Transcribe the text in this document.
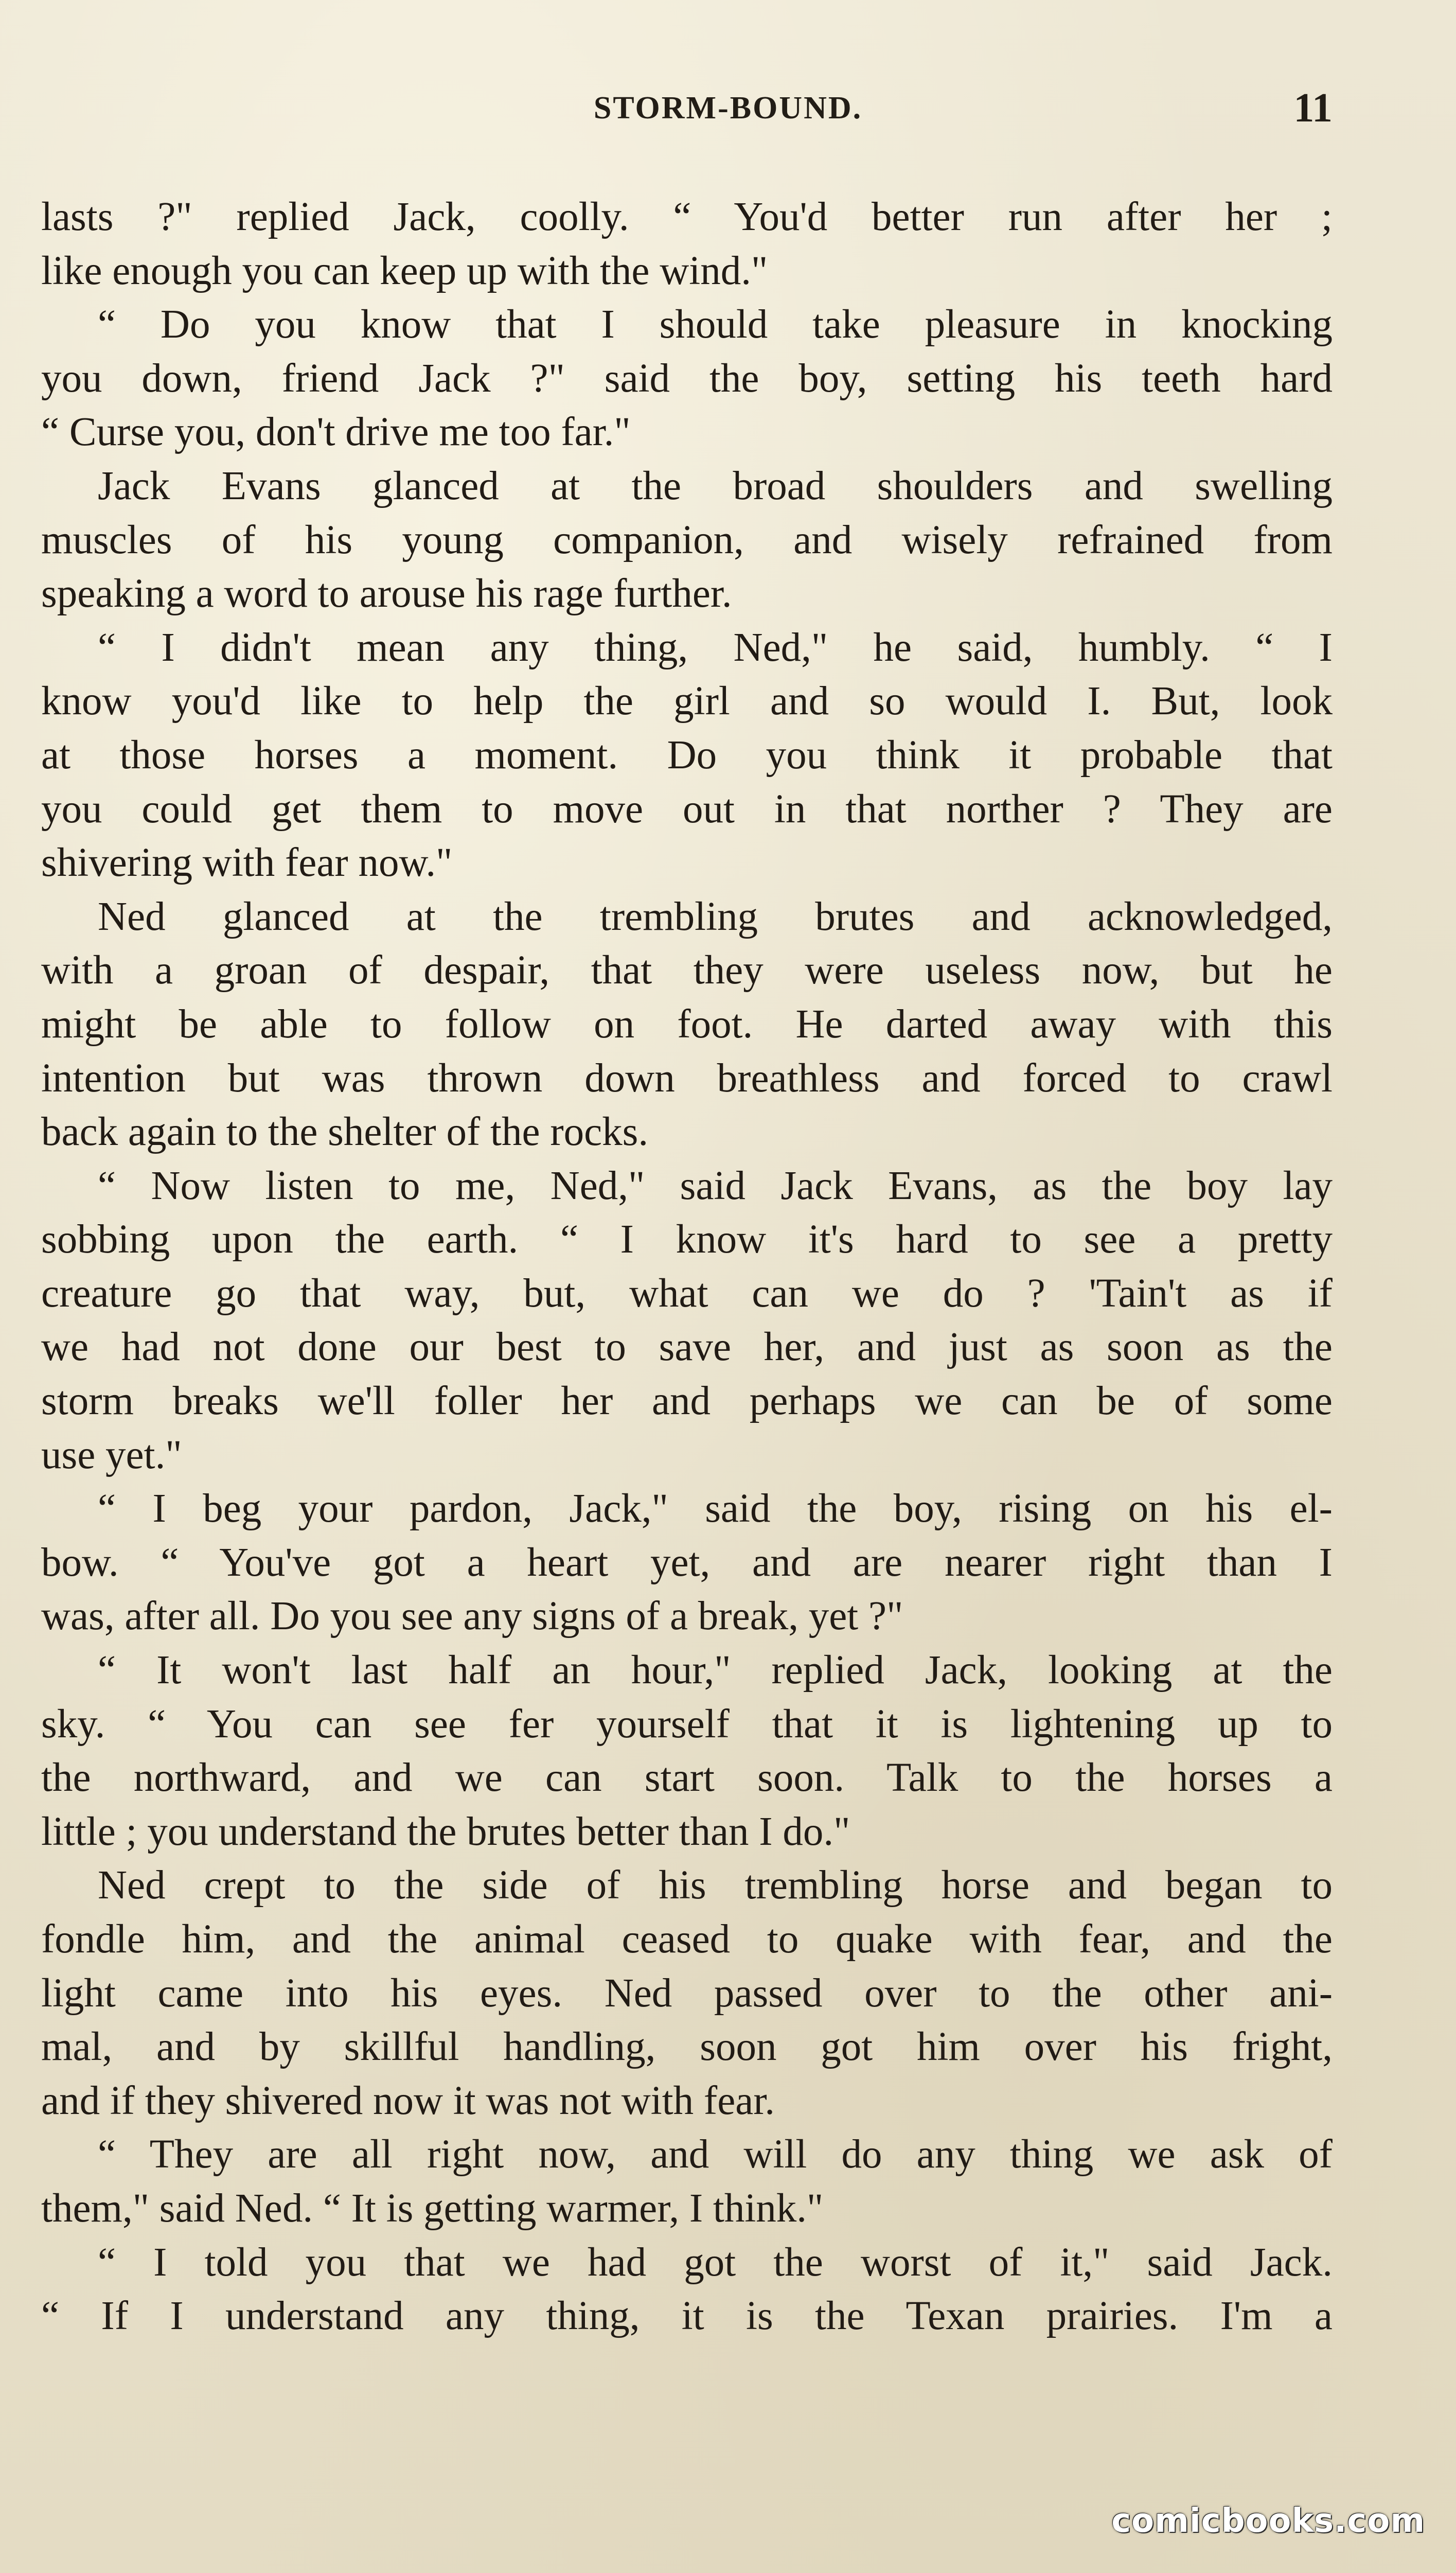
STORM-BOUND.	11
lasts ?" replied Jack, coolly. “ You'd better run after her ;
like enough you can keep up with the wind."
“ Do you know that I should take pleasure in knocking
you down, friend Jack ?" said the boy, setting his teeth hard
“ Curse you, don't drive me too far."
Jack Evans glanced at the broad shoulders and swelling
muscles of his young companion, and wisely refrained from
speaking a word to arouse his rage further.
“ I didn't mean any thing, Ned," he said, humbly. “ I
know you'd like to help the girl and so would I. But, look
at those horses a moment. Do you think it probable that
you could get them to move out in that norther ? They are
shivering with fear now."
Ned glanced at the trembling brutes and acknowledged,
with a groan of despair, that they were useless now, but he
might be able to follow on foot. He darted away with this
intention but was thrown down breathless and forced to crawl
back again to the shelter of the rocks.
“ Now listen to me, Ned," said Jack Evans, as the boy lay
sobbing upon the earth. “ I know it's hard to see a pretty
creature go that way, but, what can we do ? 'Tain't as if
we had not done our best to save her, and just as soon as the
storm breaks we'll foller her and perhaps we can be of some
use yet."
“ I beg your pardon, Jack," said the boy, rising on his el-
bow. “ You've got a heart yet, and are nearer right than I
was, after all. Do you see any signs of a break, yet ?"
“ It won't last half an hour," replied Jack, looking at the
sky. “ You can see fer yourself that it is lightening up to
the northward, and we can start soon. Talk to the horses a
little ; you understand the brutes better than I do."
Ned crept to the side of his trembling horse and began to
fondle him, and the animal ceased to quake with fear, and the
light came into his eyes. Ned passed over to the other ani-
mal, and by skillful handling, soon got him over his fright,
and if they shivered now it was not with fear.
“ They are all right now, and will do any thing we ask of
them," said Ned. “ It is getting warmer, I think."
“ I told you that we had got the worst of it," said Jack.
“ If I understand any thing, it is the Texan prairies. I'm a
comicbooks.com
